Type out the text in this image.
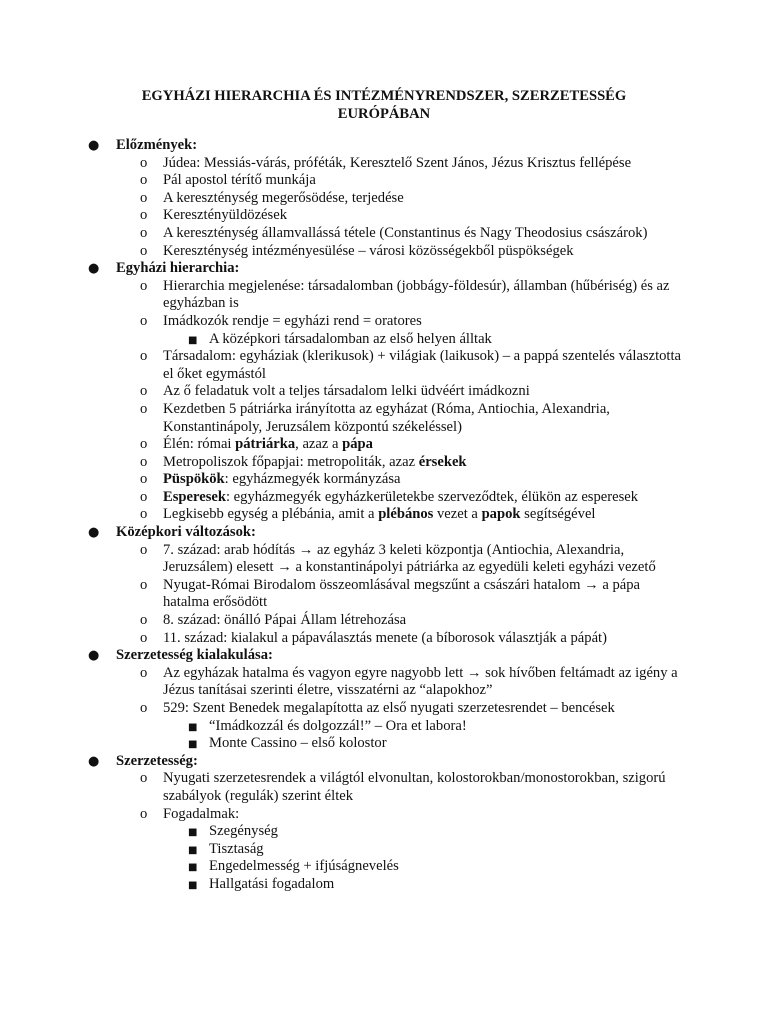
EGYHÁZI HIERARCHIA ÉS INTÉZMÉNYRENDSZER, SZERZETESSÉG EURÓPÁBAN
● Előzmények:
o Júdea: Messiás-várás, próféták, Keresztelő Szent János, Jézus Krisztus fellépése
o Pál apostol térítő munkája
o A kereszténység megerősödése, terjedése
o Keresztényüldözések
o A kereszténység államvallássá tétele (Constantinus és Nagy Theodosius császárok)
o Kereszténység intézményesülése – városi közösségekből püspökségek
● Egyházi hierarchia:
o Hierarchia megjelenése: társadalomban (jobbágy-földesúr), államban (hűbériség) és az egyházban is
o Imádkozók rendje = egyházi rend = oratores
■ A középkori társadalomban az első helyen álltak
o Társadalom: egyháziak (klerikusok) + világiak (laikusok) – a pappá szentelés választotta el őket egymástól
o Az ő feladatuk volt a teljes társadalom lelki üdvéért imádkozni
o Kezdetben 5 pátriárka irányította az egyházat (Róma, Antiochia, Alexandria, Konstantinápoly, Jeruzsálem központú székeléssel)
o Élén: római pátriárka, azaz a pápa
o Metropoliszok főpapjai: metropoliták, azaz érsekek
o Püspökök: egyházmegyék kormányzása
o Esperesek: egyházmegyék egyházkerületekbe szerveződtek, élükön az esperesek
o Legkisebb egység a plébánia, amit a plébános vezet a papok segítségével
● Középkori változások:
o 7. század: arab hódítás → az egyház 3 keleti központja (Antiochia, Alexandria, Jeruzsálem) elesett → a konstantinápolyi pátriárka az egyedüli keleti egyházi vezető
o Nyugat-Római Birodalom összeomlásával megszűnt a császári hatalom → a pápa hatalma erősödött
o 8. század: önálló Pápai Állam létrehozása
o 11. század: kialakul a pápaválasztás menete (a bíborosok választják a pápát)
● Szerzetesség kialakulása:
o Az egyházak hatalma és vagyon egyre nagyobb lett → sok hívőben feltámadt az igény a Jézus tanításai szerinti életre, visszatérni az “alapokhoz”
o 529: Szent Benedek megalapította az első nyugati szerzetesrendet – bencések
■ “Imádkozzál és dolgozzál!” – Ora et labora!
■ Monte Cassino – első kolostor
● Szerzetesség:
o Nyugati szerzetesrendek a világtól elvonultan, kolostorokban/monostorokban, szigorú szabályok (regulák) szerint éltek
o Fogadalmak:
■ Szegénység
■ Tisztaság
■ Engedelmesség + ifjúságnevelés
■ Hallgatási fogadalom
